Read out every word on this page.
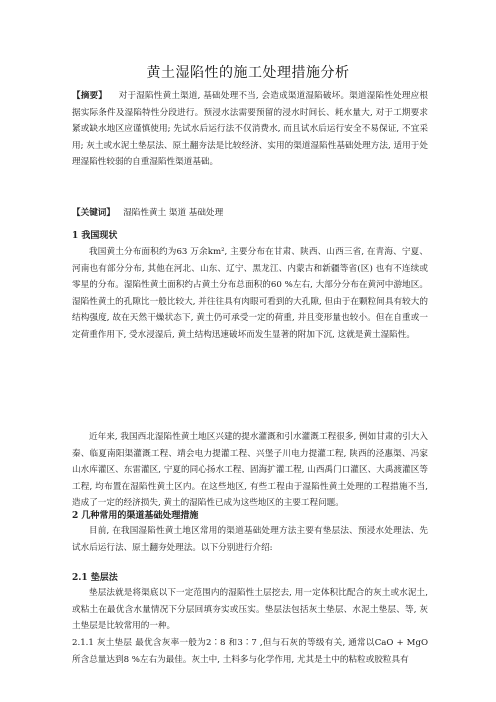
黄土湿陷性的施工处理措施分析

【摘要】 对于湿陷性黄土渠道, 基础处理不当, 会造成渠道湿陷破坏。渠道湿陷性处理应根据实际条件及湿陷特性分段进行。预浸水法需要预留的浸水时间长、耗水量大, 对于工期要求紧或缺水地区应谨慎使用; 先试水后运行法不仅消费水, 而且试水后运行安全不易保证, 不宜采用; 灰土或水泥土垫层法、原土翻夯法是比较经济、实用的渠道湿陷性基础处理方法, 适用于处理湿陷性较弱的自重湿陷性渠道基础。

【关键词】 湿陷性黄土 渠道 基础处理

1 我国现状

我国黄土分布面积约为63 万余km², 主要分布在甘肃、陕西、山西三省, 在青海、宁夏、河南也有部分分布, 其他在河北、山东、辽宁、黑龙江、内蒙古和新疆等省(区) 也有不连续或零星的分布。湿陷性黄土面积约占黄土分布总面积的60 %左右, 大部分分布在黄河中游地区。湿陷性黄土的孔隙比一般比较大, 并往往具有肉眼可看到的大孔隙, 但由于在颗粒间具有较大的结构强度, 故在天然干燥状态下, 黄土仍可承受一定的荷重, 并且变形量也较小。但在自重或一定荷重作用下, 受水浸湿后, 黄土结构迅速破坏而发生显著的附加下沉, 这就是黄土湿陷性。

近年来, 我国西北湿陷性黄土地区兴建的提水灌溉和引水灌溉工程很多, 例如甘肃的引大入秦、临夏南阳渠灌溉工程、靖会电力提灌工程、兴堡子川电力提灌工程, 陕西的泾惠渠、冯家山水库灌区、东雷灌区, 宁夏的同心扬水工程、固海扩灌工程, 山西禹门口灌区、大禹渡灌区等工程, 均布置在湿陷性黄土区内。在这些地区, 有些工程由于湿陷性黄土处理的工程措施不当, 造成了一定的经济损失, 黄土的湿陷性已成为这些地区的主要工程问题。

2 几种常用的渠道基础处理措施

目前, 在我国湿陷性黄土地区常用的渠道基础处理方法主要有垫层法、预浸水处理法、先试水后运行法、原土翻夯处理法。以下分别进行介绍:

2.1 垫层法

垫层法就是将渠底以下一定范围内的湿陷性土层挖去, 用一定体积比配合的灰土或水泥土, 或粘土在最优含水量情况下分层回填夯实或压实。垫层法包括灰土垫层、水泥土垫层、等, 灰土垫层是比较常用的一种。

2.1.1 灰土垫层 最优含灰率一般为2∶8 和3∶7 ,但与石灰的等级有关, 通常以CaO + MgO 所含总量达到8 %左右为最佳。灰土中, 土料多与化学作用, 尤其是土中的粘粒或胶粒具有
